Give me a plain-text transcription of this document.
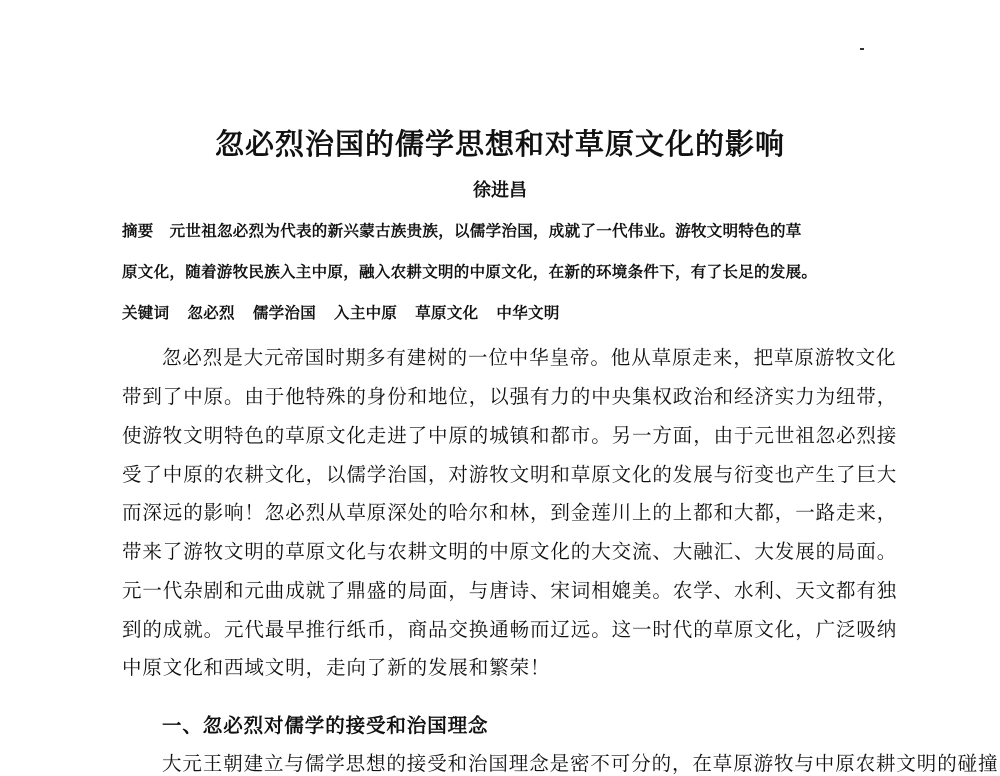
忽必烈治国的儒学思想和对草原文化的影响
徐进昌
摘要 元世祖忽必烈为代表的新兴蒙古族贵族，以儒学治国，成就了一代伟业。游牧文明特色的草
原文化，随着游牧民族入主中原，融入农耕文明的中原文化，在新的环境条件下，有了长足的发展。
关键词 忽必烈 儒学治国 入主中原 草原文化 中华文明
忽必烈是大元帝国时期多有建树的一位中华皇帝。他从草原走来，把草原游牧文化
带到了中原。由于他特殊的身份和地位，以强有力的中央集权政治和经济实力为纽带，
使游牧文明特色的草原文化走进了中原的城镇和都市。另一方面，由于元世祖忽必烈接
受了中原的农耕文化，以儒学治国，对游牧文明和草原文化的发展与衍变也产生了巨大
而深远的影响！忽必烈从草原深处的哈尔和林，到金莲川上的上都和大都，一路走来，
带来了游牧文明的草原文化与农耕文明的中原文化的大交流、大融汇、大发展的局面。
元一代杂剧和元曲成就了鼎盛的局面，与唐诗、宋词相媲美。农学、水利、天文都有独
到的成就。元代最早推行纸币，商品交换通畅而辽远。这一时代的草原文化，广泛吸纳
中原文化和西域文明，走向了新的发展和繁荣！
一、忽必烈对儒学的接受和治国理念
大元王朝建立与儒学思想的接受和治国理念是密不可分的，在草原游牧与中原农耕文明的碰撞
